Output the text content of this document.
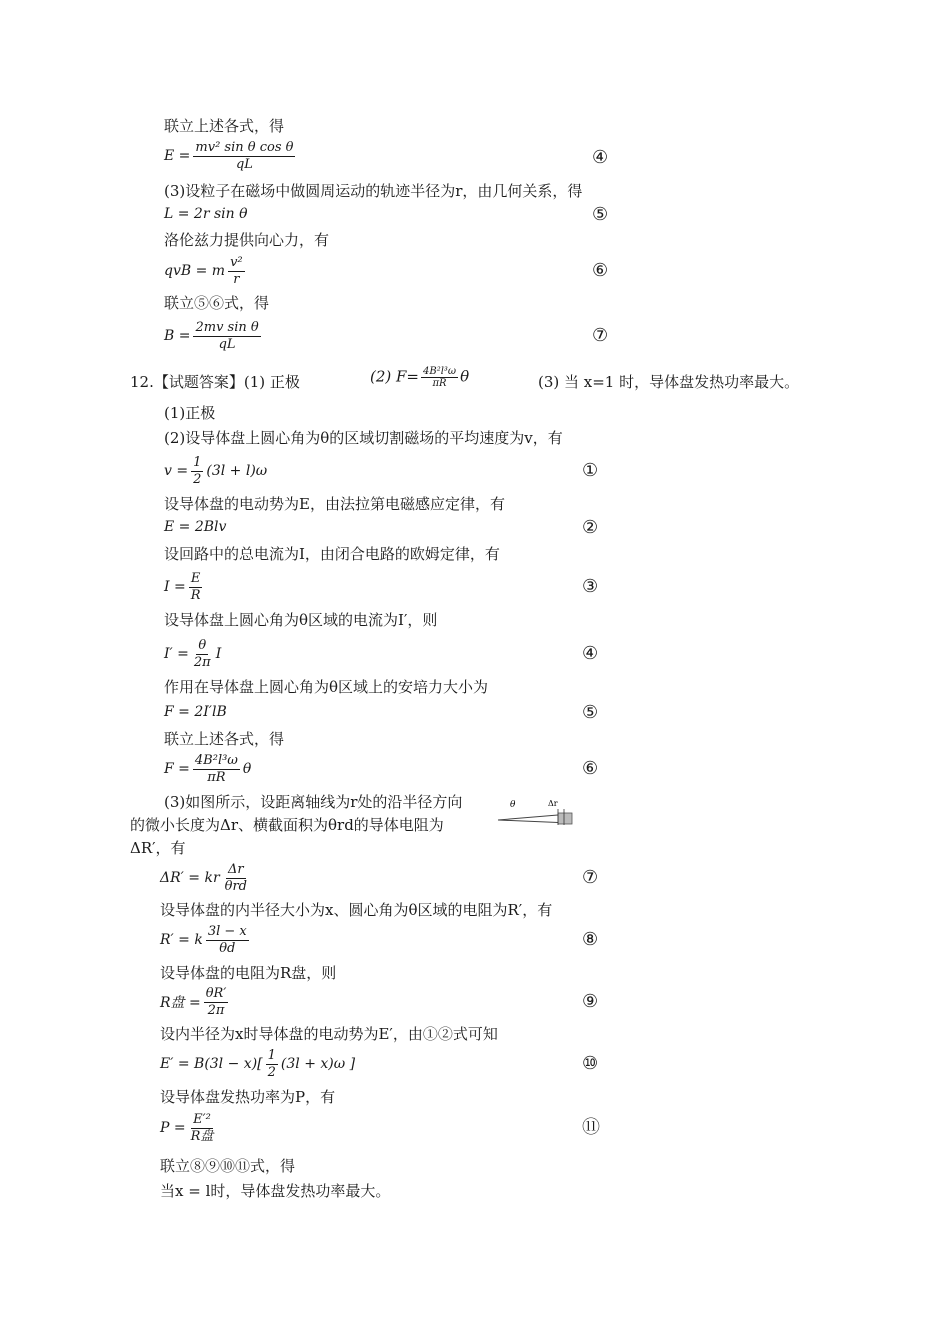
联立上述各式，得
$E = \frac{\text{mv² sin θ cos θ}}{qL}$	④
(3)设粒子在磁场中做圆周运动的轨迹半径为r，由几何关系，得
L = 2r sin θ	⑤
洛伦兹力提供向心力，有
qvB = m $\frac{\text{v²}}{r}$	⑥
联立⑤⑥式，得
$B = \frac{\text{2mv sin θ}}{qL}$	⑦
12.【试题答案】(1) 正极	(2) $F= \frac{\text{4B²l³ω}}{\pi R}$ θ	(3) 当 x=1 时，导体盘发热功率最大。
(1)正极
(2)设导体盘上圆心角为θ的区域切割磁场的平均速度为v，有
$v = \frac{1}{2} (3l + l)\omega$	①
设导体盘的电动势为E，由法拉第电磁感应定律，有
E = 2Blv	②
设回路中的总电流为I，由闭合电路的欧姆定律，有
$I = \frac{E}{R}$	③
设导体盘上圆心角为θ区域的电流为I′，则
$I' = \frac{\theta}{2\pi}$ I	④
作用在导体盘上圆心角为θ区域上的安培力大小为
F = 2I′lB	⑤
联立上述各式，得
$F = \frac{\text{4B²l³ω}}{\pi R}$ θ	⑥
(3)如图所示，设距离轴线为r处的沿半径方向
的微小长度为Δr、横截面积为θrd的导体电阻为
ΔR′，有
θ	Δr
ΔR′ = kr
Δr
θrd	⑦
设导体盘的内半径大小为x、圆心角为θ区域的电阻为R′，有
R′ = k $\frac{3l - x}{\theta d}$	⑧
设导体盘的电阻为R盘，则
R盘 = $\frac{\theta R'}{2\pi}$	⑨
设内半径为x时导体盘的电动势为E′，由①②式可知
$E' = B(3l - x)[ \frac{1}{2} (3l + x)\omega$ ]	⑩
设导体盘发热功率为P，有
P =
E′²
R盘	⑪
联立⑧⑨⑩⑪式，得
当x = l时，导体盘发热功率最大。
